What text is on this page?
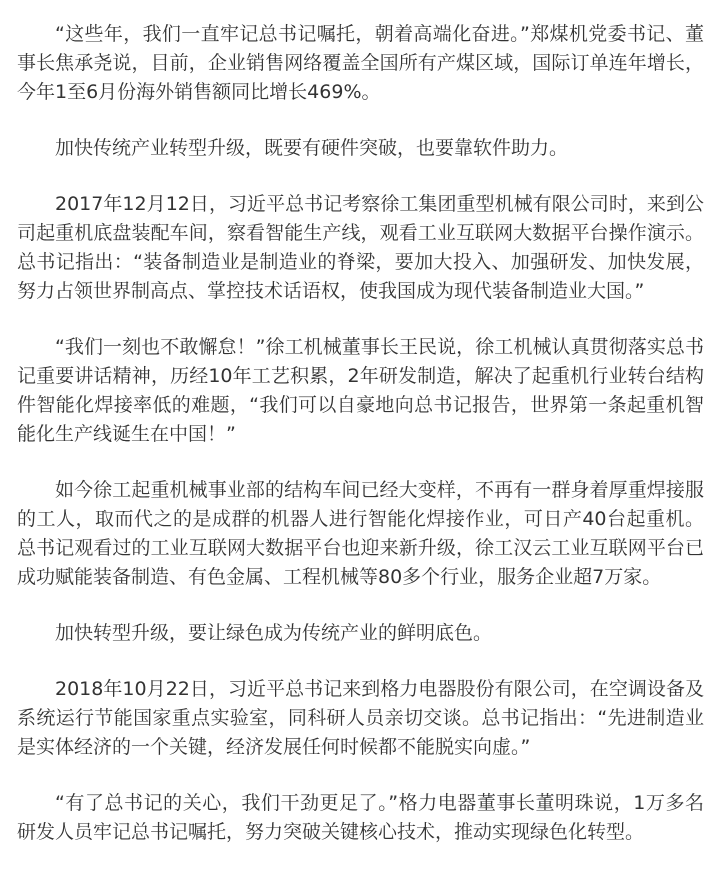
“这些年，我们一直牢记总书记嘱托，朝着高端化奋进。”郑煤机党委书记、董事长焦承尧说，目前，企业销售网络覆盖全国所有产煤区域，国际订单连年增长，今年1至6月份海外销售额同比增长469%。

加快传统产业转型升级，既要有硬件突破，也要靠软件助力。

2017年12月12日，习近平总书记考察徐工集团重型机械有限公司时，来到公司起重机底盘装配车间，察看智能生产线，观看工业互联网大数据平台操作演示。总书记指出：“装备制造业是制造业的脊梁，要加大投入、加强研发、加快发展，努力占领世界制高点、掌控技术话语权，使我国成为现代装备制造业大国。”

“我们一刻也不敢懈怠！”徐工机械董事长王民说，徐工机械认真贯彻落实总书记重要讲话精神，历经10年工艺积累，2年研发制造，解决了起重机行业转台结构件智能化焊接率低的难题，“我们可以自豪地向总书记报告，世界第一条起重机智能化生产线诞生在中国！”

如今徐工起重机械事业部的结构车间已经大变样，不再有一群身着厚重焊接服的工人，取而代之的是成群的机器人进行智能化焊接作业，可日产40台起重机。总书记观看过的工业互联网大数据平台也迎来新升级，徐工汉云工业互联网平台已成功赋能装备制造、有色金属、工程机械等80多个行业，服务企业超7万家。

加快转型升级，要让绿色成为传统产业的鲜明底色。

2018年10月22日，习近平总书记来到格力电器股份有限公司，在空调设备及系统运行节能国家重点实验室，同科研人员亲切交谈。总书记指出：“先进制造业是实体经济的一个关键，经济发展任何时候都不能脱实向虚。”

“有了总书记的关心，我们干劲更足了。”格力电器董事长董明珠说，1万多名研发人员牢记总书记嘱托，努力突破关键核心技术，推动实现绿色化转型。
